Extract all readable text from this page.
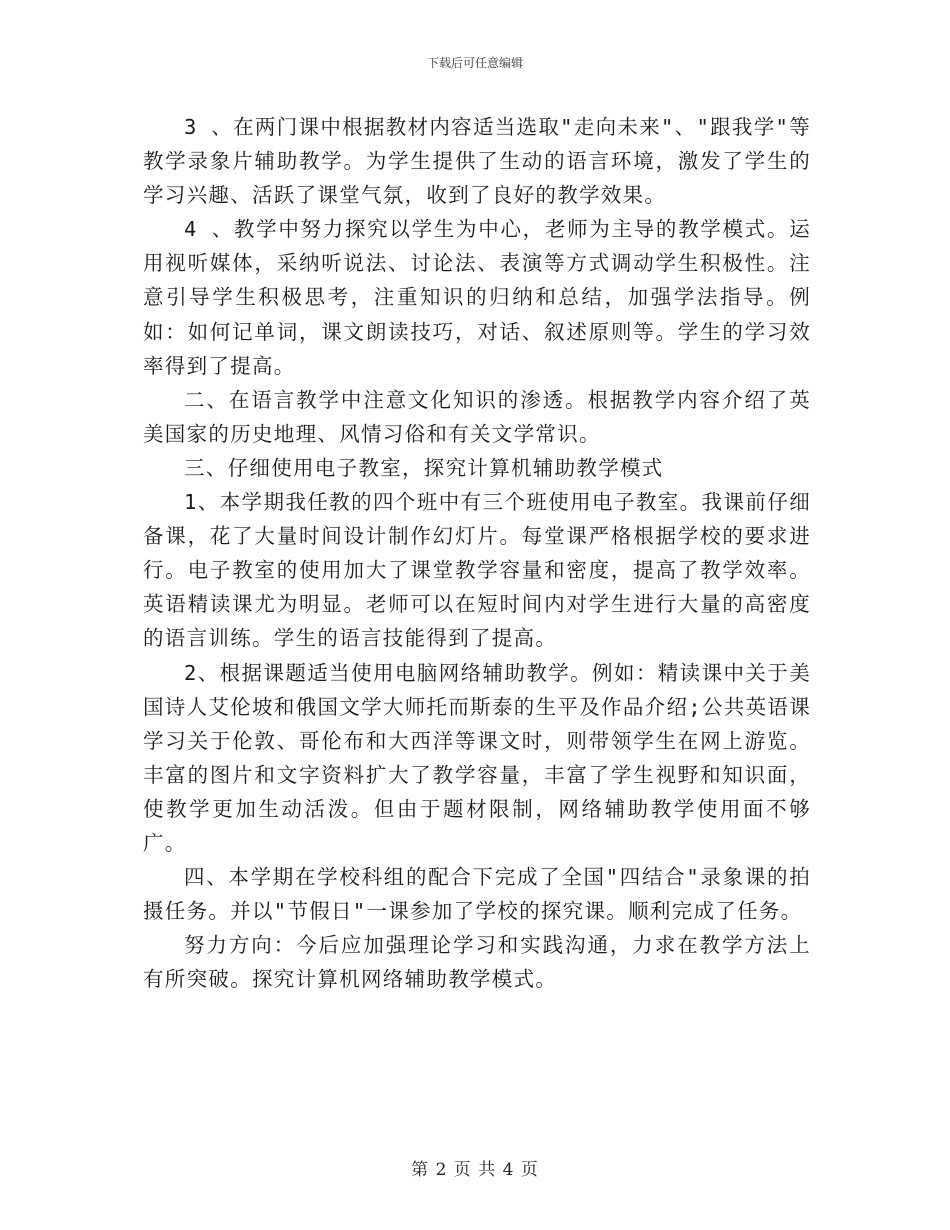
下载后可任意编辑

3 、在两门课中根据教材内容适当选取"走向未来"、"跟我学"等教学录象片辅助教学。为学生提供了生动的语言环境，激发了学生的学习兴趣、活跃了课堂气氛，收到了良好的教学效果。

4 、教学中努力探究以学生为中心，老师为主导的教学模式。运用视听媒体，采纳听说法、讨论法、表演等方式调动学生积极性。注意引导学生积极思考，注重知识的归纳和总结，加强学法指导。例如：如何记单词，课文朗读技巧，对话、叙述原则等。学生的学习效率得到了提高。

二、在语言教学中注意文化知识的渗透。根据教学内容介绍了英美国家的历史地理、风情习俗和有关文学常识。

三、仔细使用电子教室，探究计算机辅助教学模式

1、本学期我任教的四个班中有三个班使用电子教室。我课前仔细备课，花了大量时间设计制作幻灯片。每堂课严格根据学校的要求进行。电子教室的使用加大了课堂教学容量和密度，提高了教学效率。英语精读课尤为明显。老师可以在短时间内对学生进行大量的高密度的语言训练。学生的语言技能得到了提高。

2、根据课题适当使用电脑网络辅助教学。例如：精读课中关于美国诗人艾伦坡和俄国文学大师托而斯泰的生平及作品介绍;公共英语课学习关于伦敦、哥伦布和大西洋等课文时，则带领学生在网上游览。丰富的图片和文字资料扩大了教学容量，丰富了学生视野和知识面，使教学更加生动活泼。但由于题材限制，网络辅助教学使用面不够广。

四、本学期在学校科组的配合下完成了全国"四结合"录象课的拍摄任务。并以"节假日"一课参加了学校的探究课。顺利完成了任务。

努力方向：今后应加强理论学习和实践沟通，力求在教学方法上有所突破。探究计算机网络辅助教学模式。

第 2 页 共 4 页
